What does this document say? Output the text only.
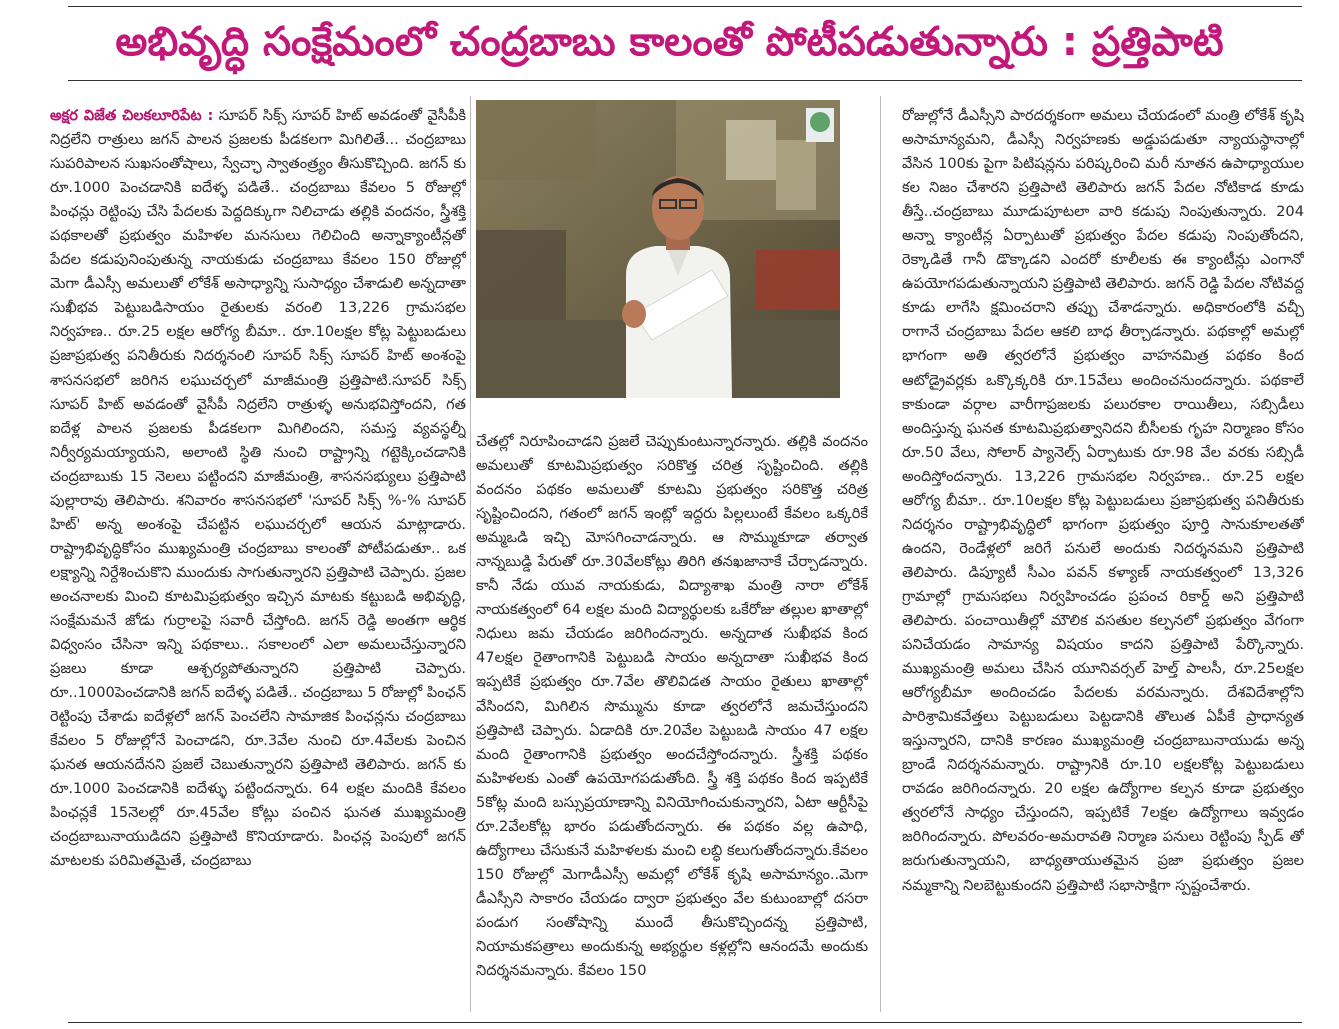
అభివృద్ధి సంక్షేమంలో చంద్రబాబు కాలంతో పోటీపడుతున్నారు : ప్రత్తిపాటి

అక్షర విజేత చిలకలూరిపేట : సూపర్ సిక్స్ సూపర్ హిట్ అవడంతో వైసీపీకి నిద్రలేని రాత్రులు జగన్ పాలన ప్రజలకు పీడకలగా మిగిలితే... చంద్రబాబు సుపరిపాలన సుఖసంతోషాలు, స్వేచ్ఛా స్వాతంత్ర్యం తీసుకొచ్చింది. జగన్ కు రూ.1000 పెంచడానికి ఐదేళ్ళ పడితే.. చంద్రబాబు కేవలం 5 రోజుల్లో పింఛన్లు రెట్టింపు చేసి పేదలకు పెద్దదిక్కుగా నిలిచాడు తల్లికి వందనం, స్త్రీశక్తి పథకాలతో ప్రభుత్వం మహిళల మనసులు గెలిచింది అన్నాక్యాంటీన్లతో పేదల కడుపునింపుతున్న నాయకుడు చంద్రబాబు కేవలం 150 రోజుల్లో మెగా డీఎస్సీ అమలుతో లోకేశ్ అసాధ్యాన్ని సుసాధ్యం చేశాడులి అన్నదాతా సుఖీభవ పెట్టుబడిసాయం రైతులకు వరంలి 13,226 గ్రామసభల నిర్వహణ.. రూ.25 లక్షల ఆరోగ్య బీమా.. రూ.10లక్షల కోట్ల పెట్టుబడులు ప్రజాప్రభుత్వ పనితీరుకు నిదర్శనంలి సూపర్ సిక్స్ సూపర్ హిట్ అంశంపై శాసనసభలో జరిగిన లఘుచర్చలో మాజీమంత్రి ప్రత్తిపాటి.సూపర్ సిక్స్ సూపర్ హిట్ అవడంతో వైసీపీ నిద్రలేని రాత్రుళ్ళ అనుభవిస్తోందని, గత ఐదేళ్ల పాలన ప్రజలకు పీడకలగా మిగిలిందని, సమస్త వ్యవస్థల్నీ నిర్వీర్యమయ్యాయని, అలాంటి స్థితి నుంచి రాష్ట్రాన్ని గట్టెక్కించడానికి చంద్రబాబుకు 15 నెలలు పట్టిందని మాజీమంత్రి, శాసనసభ్యులు ప్రత్తిపాటి పుల్లారావు తెలిపారు. శనివారం శాసనసభలో 'సూపర్ సిక్స్ %-% సూపర్ హిట్' అన్న అంశంపై చేపట్టిన లఘుచర్చలో ఆయన మాట్లాడారు. రాష్ట్రాభివృద్ధికోసం ముఖ్యమంత్రి చంద్రబాబు కాలంతో పోటీపడుతూ.. ఒక లక్ష్యాన్ని నిర్దేశించుకొని ముందుకు సాగుతున్నారని ప్రత్తిపాటి చెప్పారు. ప్రజల అంచనాలకు మించి కూటమిప్రభుత్వం ఇచ్చిన మాటకు కట్టుబడి అభివృద్ధి, సంక్షేమమనే జోడు గుర్రాలపై సవారీ చేస్తోంది. జగన్ రెడ్డి అంతగా ఆర్థిక విధ్వంసం చేసినా ఇన్ని పథకాలు.. సకాలంలో ఎలా అమలుచేస్తున్నారని ప్రజలు కూడా ఆశ్చర్యపోతున్నారని ప్రత్తిపాటి చెప్పారు. రూ..1000పెంచడానికి జగన్ ఐదేళ్ళ పడితే.. చంద్రబాబు 5 రోజుల్లో పింఛన్ రెట్టింపు చేశాడు ఐదేళ్లలో జగన్ పెంచలేని సామాజిక పింఛన్లను చంద్రబాబు కేవలం 5 రోజుల్లోనే పెంచాడని, రూ.3వేల నుంచి రూ.4వేలకు పెంచిన ఘనత ఆయనదేనని ప్రజలే చెబుతున్నారని ప్రత్తిపాటి తెలిపారు. జగన్ కు రూ.1000 పెంచడానికి ఐదేళ్ళు పట్టిందన్నారు. 64 లక్షల మందికి కేవలం పింఛన్లకే 15నెలల్లో రూ.45వేల కోట్లు పంచిన ఘనత ముఖ్యమంత్రి చంద్రబాబునాయుడిదని ప్రత్తిపాటి కొనియాడారు. పింఛన్ల పెంపులో జగన్ మాటలకు పరిమితమైతే, చంద్రబాబు

చేతల్లో నిరూపించాడని ప్రజలే చెప్పుకుంటున్నారన్నారు. తల్లికి వందనం అమలుతో కూటమిప్రభుత్వం సరికొత్త చరిత్ర సృష్టించింది. తల్లికి వందనం పథకం అమలుతో కూటమి ప్రభుత్వం సరికొత్త చరిత్ర సృష్టించిందని, గతంలో జగన్ ఇంట్లో ఇద్దరు పిల్లలుంటే కేవలం ఒక్కరికే అమ్మఒడి ఇచ్చి మోసగించాడన్నారు. ఆ సొమ్ముకూడా తర్వాత నాన్నబుడ్డి పేరుతో రూ.30వేలకోట్లు తిరిగి తనఖజానాకే చేర్చాడన్నారు. కానీ నేడు యువ నాయకుడు, విద్యాశాఖ మంత్రి నారా లోకేశ్ నాయకత్వంలో 64 లక్షల మంది విద్యార్థులకు ఒకేరోజు తల్లుల ఖాతాల్లో నిధులు జమ చేయడం జరిగిందన్నారు. అన్నదాత సుఖీభవ కింద 47లక్షల రైతాంగానికి పెట్టుబడి సాయం అన్నదాతా సుఖీభవ కింద ఇప్పటికే ప్రభుత్వం రూ.7వేల తొలివిడత సాయం రైతులు ఖాతాల్లో వేసిందని, మిగిలిన సొమ్మును కూడా త్వరలోనే జమచేస్తుందని ప్రత్తిపాటి చెప్పారు. ఏడాదికి రూ.20వేల పెట్టుబడి సాయం 47 లక్షల మంది రైతాంగానికి ప్రభుత్వం అందచేస్తోందన్నారు. స్త్రీశక్తి పథకం మహిళలకు ఎంతో ఉపయోగపడుతోంది. స్త్రీ శక్తి పథకం కింద ఇప్పటికే 5కోట్ల మంది బస్సుప్రయాణాన్ని వినియోగించుకున్నారని, ఏటా ఆర్టీసీపై రూ.2వేలకోట్ల భారం పడుతోందన్నారు. ఈ పథకం వల్ల ఉపాధి, ఉద్యోగాలు చేసుకునే మహిళలకు మంచి లబ్ధి కలుగుతోందన్నారు.కేవలం 150 రోజుల్లో మెగాడీఎస్సీ అమల్లో లోకేశ్ కృషి అసామాన్యం..మెగా డీఎస్సీని సాకారం చేయడం ద్వారా ప్రభుత్వం వేల కుటుంబాల్లో దసరా పండుగ సంతోషాన్ని ముందే తీసుకొచ్చిందన్న ప్రత్తిపాటి, నియామకపత్రాలు అందుకున్న అభ్యర్థుల కళ్లల్లోని ఆనందమే అందుకు నిదర్శనమన్నారు. కేవలం 150

రోజుల్లోనే డీఎస్సీని పారదర్శకంగా అమలు చేయడంలో మంత్రి లోకేశ్ కృషి అసామాన్యమని, డీఎస్సీ నిర్వహణకు అడ్డుపడుతూ న్యాయస్థానాల్లో వేసిన 100కు పైగా పిటిషన్లను పరిష్కరించి మరీ నూతన ఉపాధ్యాయుల కల నిజం చేశారని ప్రత్తిపాటి తెలిపారు జగన్ పేదల నోటికాడ కూడు తీస్తే..చంద్రబాబు మూడుపూటలా వారి కడుపు నింపుతున్నారు. 204 అన్నా క్యాంటీన్ల ఏర్పాటుతో ప్రభుత్వం పేదల కడుపు నింపుతోందని, రెక్కాడితే గానీ డొక్కాడని ఎందరో కూలీలకు ఈ క్యాంటీన్లు ఎంగానో ఉపయోగపడుతున్నాయని ప్రత్తిపాటి తెలిపారు. జగన్ రెడ్డి పేదల నోటివద్ద కూడు లాగేసి క్షమించరాని తప్పు చేశాడన్నారు. అధికారంలోకి వచ్చీ రాగానే చంద్రబాబు పేదల ఆకలి బాధ తీర్చాడన్నారు. పథకాల్లో అమల్లో భాగంగా అతి త్వరలోనే ప్రభుత్వం వాహనమిత్ర పథకం కింద ఆటోడ్రైవర్లకు ఒక్కొక్కరికి రూ.15వేలు అందించనుందన్నారు. పథకాలే కాకుండా వర్గాల వారీగాప్రజలకు పలురకాల రాయితీలు, సబ్సిడీలు అందిస్తున్న ఘనత కూటమిప్రభుత్వానిదని బీసీలకు గృహ నిర్మాణం కోసం రూ.50 వేలు, సోలార్ ప్యానెల్స్ ఏర్పాటుకు రూ.98 వేల వరకు సబ్సిడీ అందిస్తోందన్నారు. 13,226 గ్రామసభల నిర్వహణ.. రూ.25 లక్షల ఆరోగ్య బీమా.. రూ.10లక్షల కోట్ల పెట్టుబడులు ప్రజాప్రభుత్వ పనితీరుకు నిదర్శనం రాష్ట్రాభివృద్ధిలో భాగంగా ప్రభుత్వం పూర్తి సానుకూలతతో ఉందని, రెండేళ్లలో జరిగే పనులే అందుకు నిదర్శనమని ప్రత్తిపాటి తెలిపారు. డిప్యూటీ సీఎం పవన్ కళ్యాణ్ నాయకత్వంలో 13,326 గ్రామాల్లో గ్రామసభలు నిర్వహించడం ప్రపంచ రికార్డ్ అని ప్రత్తిపాటి తెలిపారు. పంచాయితీల్లో మౌలిక వసతుల కల్పనలో ప్రభుత్వం వేగంగా పనిచేయడం సామాన్య విషయం కాదని ప్రత్తిపాటి పేర్కొన్నారు. ముఖ్యమంత్రి అమలు చేసిన యూనివర్సల్ హెల్త్ పాలసీ, రూ.25లక్షల ఆరోగ్యబీమా అందించడం పేదలకు వరమన్నారు. దేశవిదేశాల్లోని పారిశ్రామికవేత్తలు పెట్టుబడులు పెట్టడానికి తొలుత ఏపీకే ప్రాధాన్యత ఇస్తున్నారని, దానికి కారణం ముఖ్యమంత్రి చంద్రబాబునాయుడు అన్న బ్రాండే నిదర్శనమన్నారు. రాష్ట్రానికి రూ.10 లక్షలకోట్ల పెట్టుబడులు రావడం జరిగిందన్నారు. 20 లక్షల ఉద్యోగాల కల్పన కూడా ప్రభుత్వం త్వరలోనే సాధ్యం చేస్తుందని, ఇప్పటికే 7లక్షల ఉద్యోగాలు ఇవ్వడం జరిగిందన్నారు. పోలవరం-అమరావతి నిర్మాణ పనులు రెట్టింపు స్పీడ్ తో జరుగుతున్నాయని, బాధ్యతాయుతమైన ప్రజా ప్రభుత్వం ప్రజల నమ్మకాన్ని నిలబెట్టుకుందని ప్రత్తిపాటి సభాసాక్షిగా స్పష్టంచేశారు.
